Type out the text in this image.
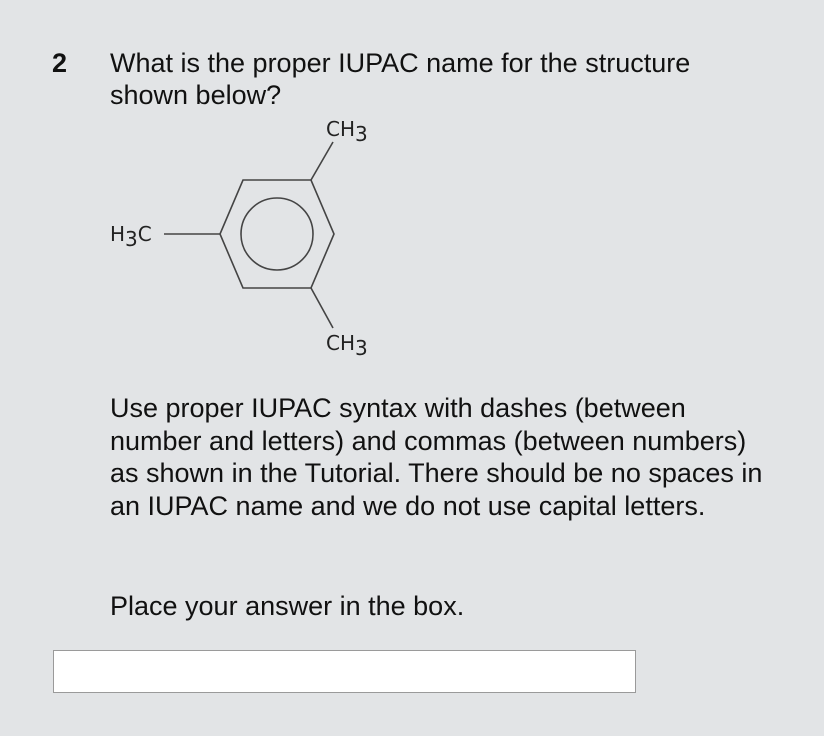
2 What is the proper IUPAC name for the structure shown below?
CH3
H3C
CH3

Use proper IUPAC syntax with dashes (between number and letters) and commas (between numbers) as shown in the Tutorial. There should be no spaces in an IUPAC name and we do not use capital letters.

Place your answer in the box.
